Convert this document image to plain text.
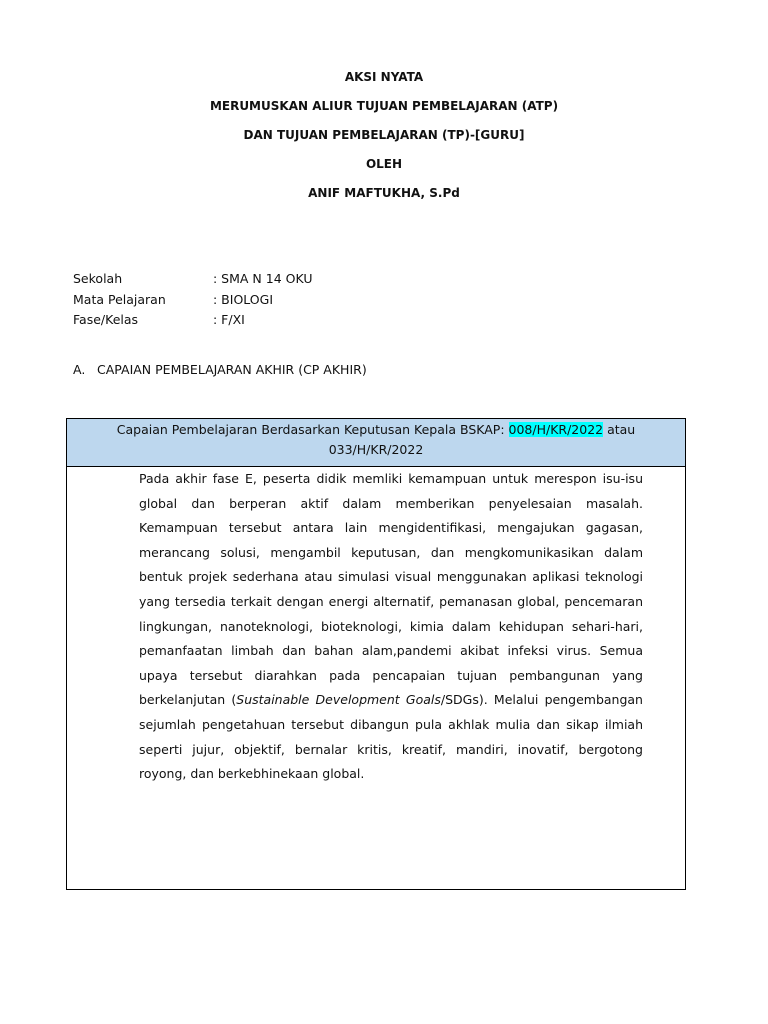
AKSI NYATA
MERUMUSKAN ALIUR TUJUAN PEMBELAJARAN (ATP)
DAN TUJUAN PEMBELAJARAN (TP)-[GURU]
OLEH
ANIF MAFTUKHA, S.Pd
Sekolah	: SMA N 14 OKU
Mata Pelajaran	: BIOLOGI
Fase/Kelas	: F/XI
A. CAPAIAN PEMBELAJARAN AKHIR (CP AKHIR)
Capaian Pembelajaran Berdasarkan Keputusan Kepala BSKAP: 008/H/KR/2022 atau
033/H/KR/2022
Pada akhir fase E, peserta didik memliki kemampuan untuk merespon isu-isu global dan berperan aktif dalam memberikan penyelesaian masalah. Kemampuan tersebut antara lain mengidentifikasi, mengajukan gagasan, merancang solusi, mengambil keputusan, dan mengkomunikasikan dalam bentuk projek sederhana atau simulasi visual menggunakan aplikasi teknologi yang tersedia terkait dengan energi alternatif, pemanasan global, pencemaran lingkungan, nanoteknologi, bioteknologi, kimia dalam kehidupan sehari-hari, pemanfaatan limbah dan bahan alam,pandemi akibat infeksi virus. Semua upaya tersebut diarahkan pada pencapaian tujuan pembangunan yang berkelanjutan (Sustainable Development Goals/SDGs). Melalui pengembangan sejumlah pengetahuan tersebut dibangun pula akhlak mulia dan sikap ilmiah seperti jujur, objektif, bernalar kritis, kreatif, mandiri, inovatif, bergotong royong, dan berkebhinekaan global.
